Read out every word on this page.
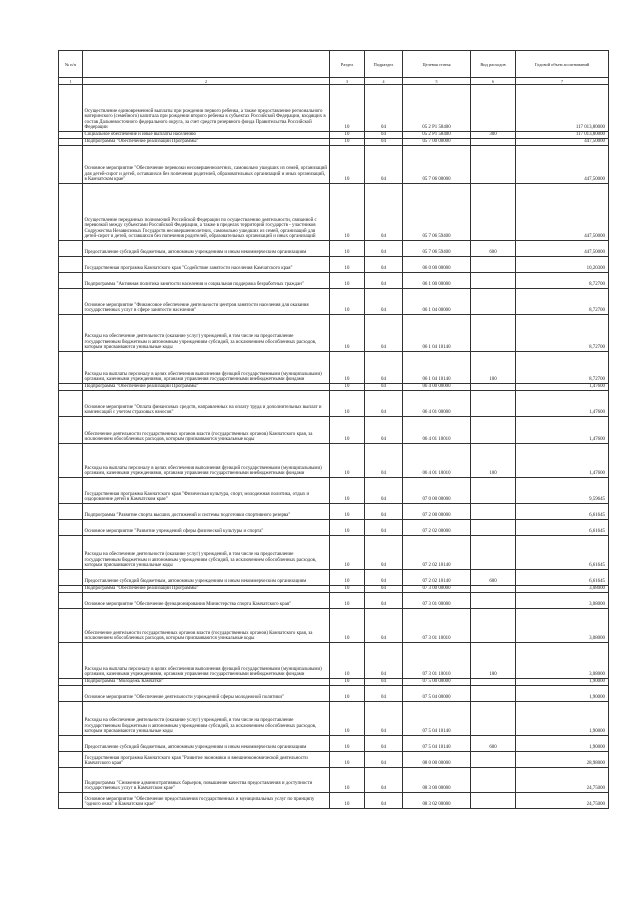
№ п/п		Раздел	Подраздел	Целевая статья	Вид расходов	Годовой объем ассигнований
1	2	3	4	5	6	7
	Осуществление единовременной выплаты при рождении первого ребенка, а также предоставление регионального материнского (семейного) капитала при рождении второго ребенка в субъектах Российской Федерации, входящих в состав Дальневосточного федерального округа, за счет средств резервного фонда Правительства Российской Федерации	10	04	05 2 P1 58400		117 013,80000
	Социальное обеспечение и иные выплаты населению	10	04	05 2 P1 58400	300	117 013,80000
	Подпрограмма "Обеспечение реализации Программы"	10	04	05 7 00 00000		447,50000
	Основное мероприятие "Обеспечение перевозки несовершеннолетних, самовольно ушедших из семей, организаций для детей-сирот и детей, оставшихся без попечения родителей, образовательных организаций и иных организаций, в Камчатском крае"	10	04	05 7 06 00000		447,50000
	Осуществление переданных полномочий Российской Федерации по осуществлению деятельности, связанной с перевозкой между субъектами Российской Федерации, а также в пределах территорий государств - участников Содружества Независимых Государств несовершеннолетних, самовольно ушедших из семей, организаций для детей-сирот и детей, оставшихся без попечения родителей, образовательных организаций и иных организаций	10	04	05 7 06 59400		447,50000
	Предоставление субсидий бюджетным, автономным учреждениям и иным некоммерческим организациям	10	04	05 7 06 59400	600	447,50000
	Государственная программа Камчатского края "Содействие занятости населения Камчатского края"	10	04	06 0 00 00000		10,20300
	Подпрограмма "Активная политика занятости населения и социальная поддержка безработных граждан"	10	04	06 1 00 00000		8,72700
	Основное мероприятие "Финансовое обеспечение деятельности центров занятости населения для оказания государственных услуг в сфере занятости населения"	10	04	06 1 04 00000		8,72700
	Расходы на обеспечение деятельности (оказание услуг) учреждений, в том числе на предоставление государственным бюджетным и автономным учреждениям субсидий, за исключением обособленных расходов, которым присваиваются уникальные коды	10	04	06 1 04 10140		8,72700
	Расходы на выплаты персоналу в целях обеспечения выполнения функций государственными (муниципальными) органами, казенными учреждениями, органами управления государственными внебюджетными фондами	10	04	06 1 04 10140	100	8,72700
	Подпрограмма "Обеспечение реализации Программы"	10	04	06 4 00 00000		1,47600
	Основное мероприятие "Оплата финансовых средств, направленных на оплату труда и дополнительных выплат и компенсаций с учетом страховых взносов"	10	04	06 4 01 00000		1,47600
	Обеспечение деятельности государственных органов власти (государственных органов) Камчатского края, за исключением обособленных расходов, которым присваиваются уникальные коды	10	04	06 4 01 10010		1,47600
	Расходы на выплаты персоналу в целях обеспечения выполнения функций государственными (муниципальными) органами, казенными учреждениями, органами управления государственными внебюджетными фондами	10	04	06 4 01 10010	100	1,47600
	Государственная программа Камчатского края "Физическая культура, спорт, молодежная политика, отдых и оздоровление детей в Камчатском крае"	10	04	07 0 00 00000		9,59645
	Подпрограмма "Развитие спорта высших достижений и системы подготовки спортивного резерва"	10	04	07 2 00 00000		6,61645
	Основное мероприятие "Развитие учреждений сферы физической культуры и спорта"	10	04	07 2 02 00000		6,61645
	Расходы на обеспечение деятельности (оказание услуг) учреждений, в том числе на предоставление государственным бюджетным и автономным учреждениям субсидий, за исключением обособленных расходов, которым присваиваются уникальные коды	10	04	07 2 02 10140		6,61645
	Предоставление субсидий бюджетным, автономным учреждениям и иным некоммерческим организациям	10	04	07 2 02 10140	600	6,61645
	Подпрограмма "Обеспечение реализации Программы"	10	04	07 3 00 00000		3,08000
	Основное мероприятие "Обеспечение функционирования Министерства спорта Камчатского края"	10	04	07 3 01 00000		3,08000
	Обеспечение деятельности государственных органов власти (государственных органов) Камчатского края, за исключением обособленных расходов, которым присваиваются уникальные коды	10	04	07 3 01 10010		3,08000
	Расходы на выплаты персоналу в целях обеспечения выполнения функций государственными (муниципальными) органами, казенными учреждениями, органами управления государственными внебюджетными фондами	10	04	07 3 01 10010	100	3,08000
	Подпрограмма "Молодежь Камчатки"	10	04	07 5 00 00000		1,90000
	Основное мероприятие "Обеспечение деятельности учреждений сферы молодежной политики"	10	04	07 5 04 00000		1,90000
	Расходы на обеспечение деятельности (оказание услуг) учреждений, в том числе на предоставление государственным бюджетным и автономным учреждениям субсидий, за исключением обособленных расходов, которым присваиваются уникальные коды	10	04	07 5 04 10140		1,90000
	Предоставление субсидий бюджетным, автономным учреждениям и иным некоммерческим организациям	10	04	07 5 04 10140	600	1,90000
	Государственная программа Камчатского края "Развитие экономики и внешнеэкономической деятельности Камчатского края"	10	04	08 0 00 00000		28,98000
	Подпрограмма "Снижение административных барьеров, повышение качества предоставления и доступности государственных услуг в Камчатском крае"	10	04	08 3 00 00000		24,75000
	Основное мероприятие "Обеспечение предоставления государственных и муниципальных услуг по принципу "одного окна" в Камчатском крае"	10	04	08 3 02 00000		24,75000
